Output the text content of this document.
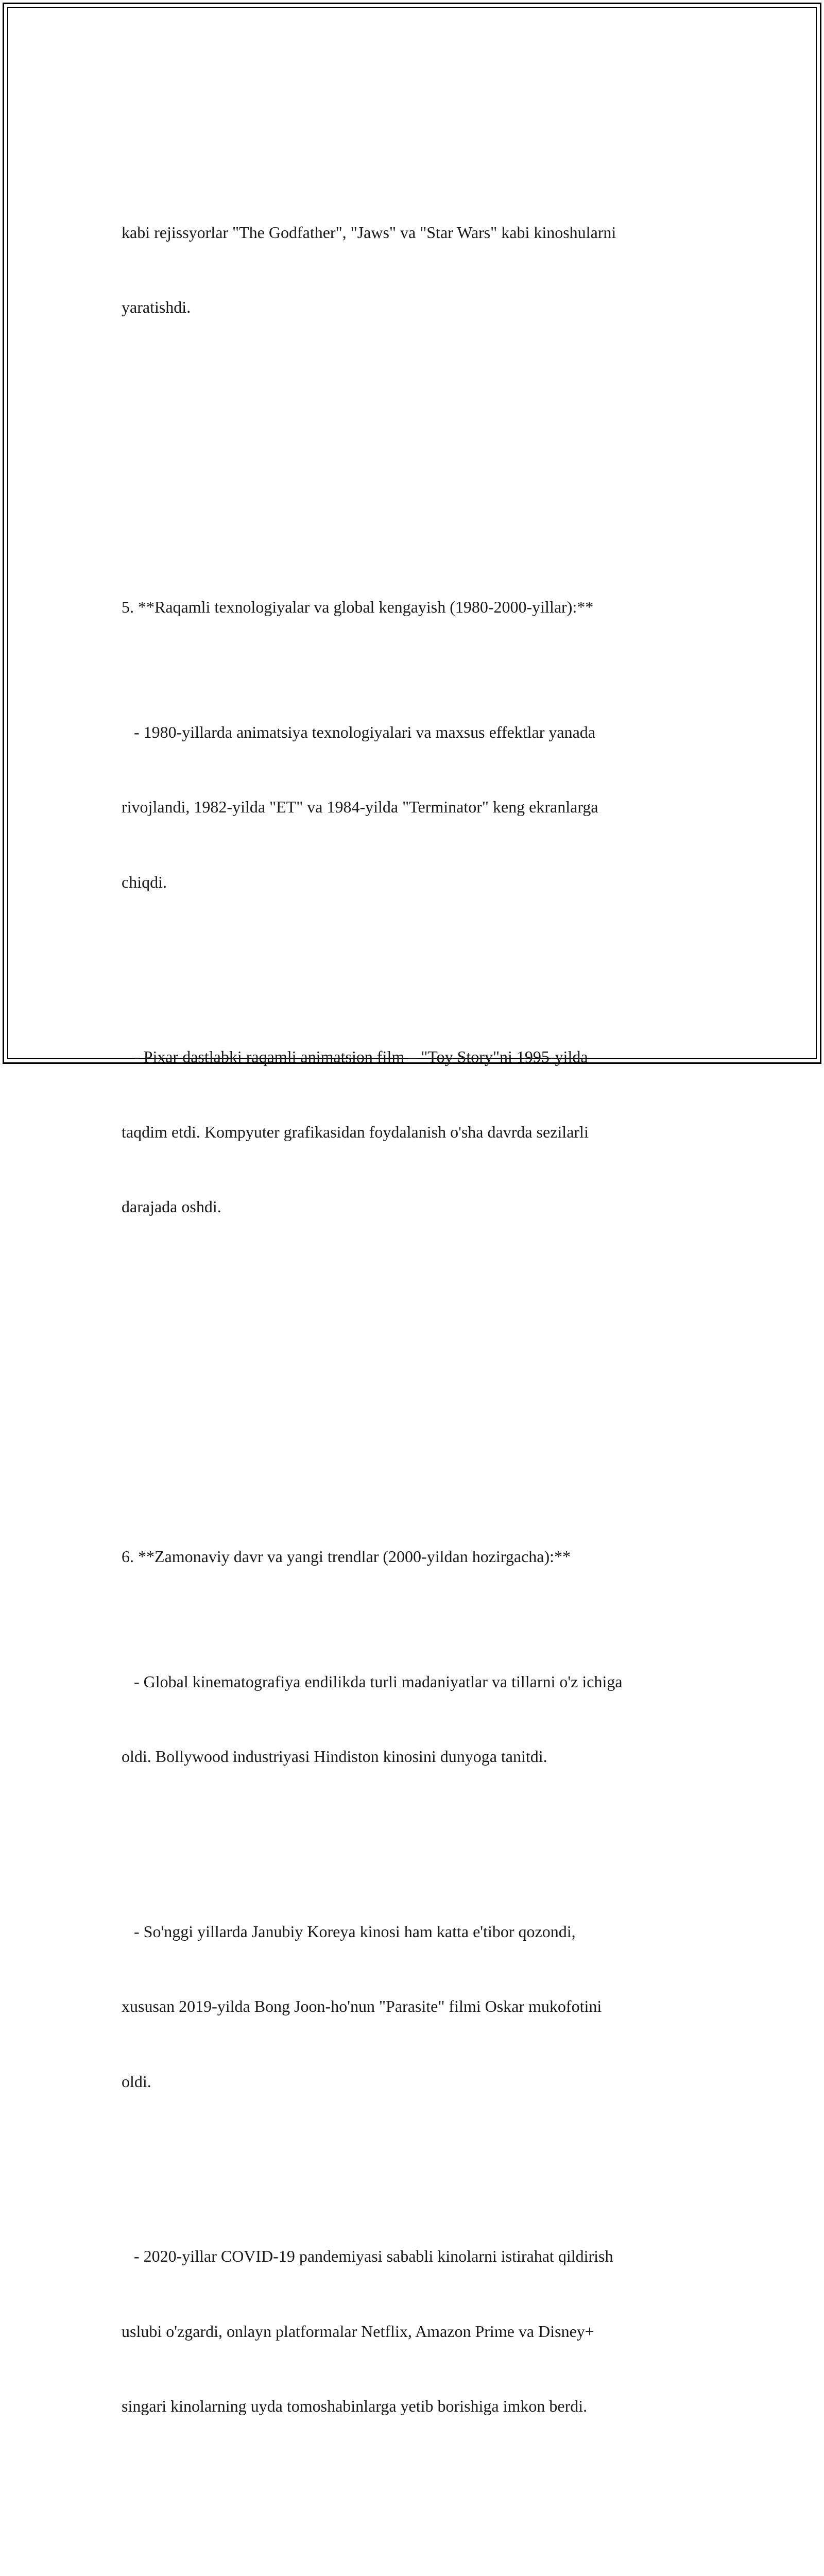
kabi rejissyorlar "The Godfather", "Jaws" va "Star Wars" kabi kinoshularni

yaratishdi.

5. **Raqamli texnologiyalar va global kengayish (1980-2000-yillar):**

- 1980-yillarda animatsiya texnologiyalari va maxsus effektlar yanada

rivojlandi, 1982-yilda "ET" va 1984-yilda "Terminator" keng ekranlarga

chiqdi.

- Pixar dastlabki raqamli animatsion film – "Toy Story"ni 1995-yilda

taqdim etdi. Kompyuter grafikasidan foydalanish o'sha davrda sezilarli

darajada oshdi.

6. **Zamonaviy davr va yangi trendlar (2000-yildan hozirgacha):**

- Global kinematografiya endilikda turli madaniyatlar va tillarni o'z ichiga

oldi. Bollywood industriyasi Hindiston kinosini dunyoga tanitdi.

- So'nggi yillarda Janubiy Koreya kinosi ham katta e'tibor qozondi,

xususan 2019-yilda Bong Joon-ho'nun "Parasite" filmi Oskar mukofotini

oldi.

- 2020-yillar COVID-19 pandemiyasi sababli kinolarni istirahat qildirish

uslubi o'zgardi, onlayn platformalar Netflix, Amazon Prime va Disney+

singari kinolarning uyda tomoshabinlarga yetib borishiga imkon berdi.
